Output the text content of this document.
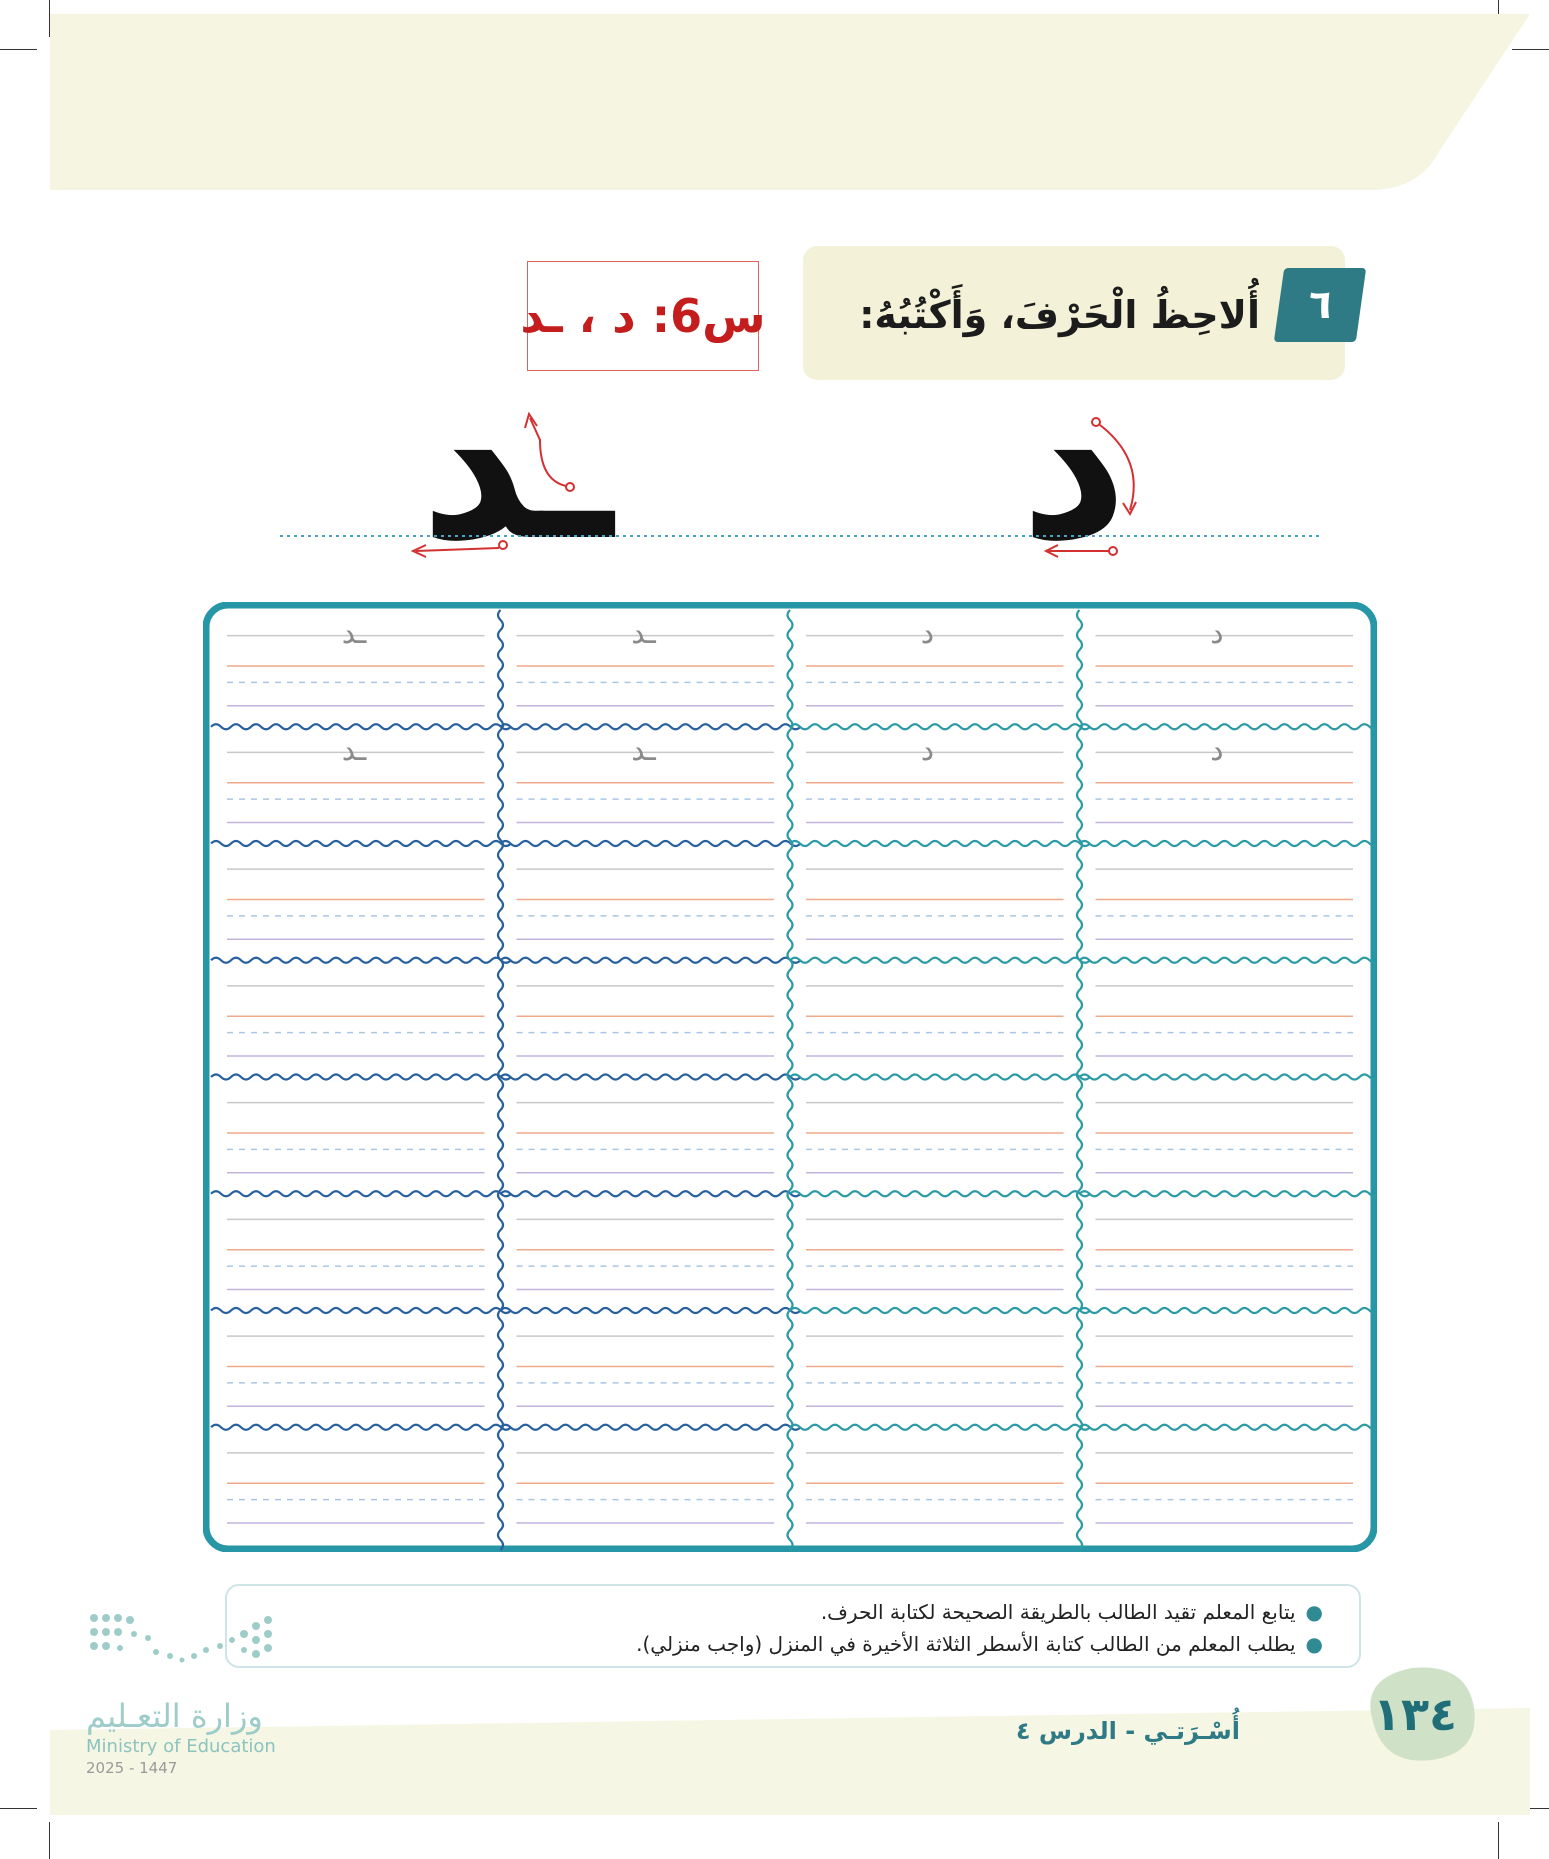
٦
أُلاحِظُ الْحَرْفَ، وَأَكْتُبُهُ:
س6: د ، ـد
د
ـد
د
د
ـد
ـد
د
د
ـد
ـد
●يتابع المعلم تقيد الطالب بالطريقة الصحيحة لكتابة الحرف.
●يطلب المعلم من الطالب كتابة الأسطر الثلاثة الأخيرة في المنزل (واجب منزلي).
١٣٤
أُسْـرَتـي - الدرس ٤
وزارة التعـليم
Ministry of Education
2025 - 1447
